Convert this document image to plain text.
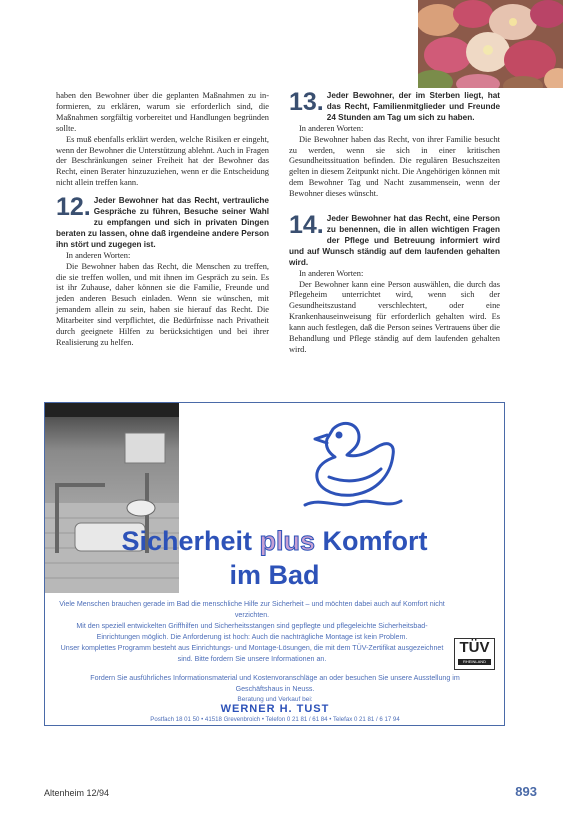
haben den Bewohner über die geplanten Maßnahmen zu in-formieren, zu erklären, warum sie erforderlich sind, die Maßnahmen sorgfältig vorbereitet und Handlungen begründen sollte.

Es muß ebenfalls erklärt werden, welche Risiken er eingeht, wenn der Bewohner die Unterstützung ablehnt. Auch in Fragen der Beschränkungen seiner Freiheit hat der Bewohner das Recht, einen Berater hinzuzuziehen, wenn er die Entscheidung nicht allein treffen kann.

12. Jeder Bewohner hat das Recht, vertrauliche Gespräche zu führen, Besuche seiner Wahl zu empfangen und sich in privaten Dingen beraten zu lassen, ohne daß irgendeine andere Person ihn stört und zugegen ist.

In anderen Worten:

Die Bewohner haben das Recht, die Menschen zu treffen, die sie treffen wollen, und mit ihnen im Gespräch zu sein. Es ist ihr Zuhause, daher können sie die Familie, Freunde und jeden anderen Besuch einladen. Wenn sie wünschen, mit jemandem allein zu sein, haben sie hierauf das Recht. Die Mitarbeiter sind verpflichtet, die Bedürfnisse nach Privatheit durch geeignete Hilfen zu berücksichtigen und bei ihrer Realisierung zu helfen.

13. Jeder Bewohner, der im Sterben liegt, hat das Recht, Familienmitglieder und Freunde 24 Stunden am Tag um sich zu haben.

In anderen Worten:

Die Bewohner haben das Recht, von ihrer Familie besucht zu werden, wenn sie sich in einer kritischen Gesundheitssituation befinden. Die regulären Besuchszeiten gelten in diesem Zeitpunkt nicht. Die Angehörigen können mit dem Bewohner Tag und Nacht zusammensein, wenn der Bewohner dieses wünscht.

14. Jeder Bewohner hat das Recht, eine Person zu benennen, die in allen wichtigen Fragen der Pflege und Betreuung informiert wird und auf Wunsch ständig auf dem laufenden gehalten wird.

In anderen Worten:

Der Bewohner kann eine Person auswählen, die durch das Pflegeheim unterrichtet wird, wenn sich der Gesundheitszustand verschlechtert, oder eine Krankenhauseinweisung für erforderlich gehalten wird. Es kann auch festlegen, daß die Person seines Vertrauens über die Behandlung und Pflege ständig auf dem laufenden gehalten wird.

Sicherheit plus Komfort
im Bad
Viele Menschen brauchen gerade im Bad die menschliche Hilfe zur Sicherheit – und möchten dabei auch auf Komfort nicht verzichten.
Mit den speziell entwickelten Griffhilfen und Sicherheitsstangen sind gepflegte und pflegeleichte Sicherheitsbad-Einrichtungen möglich. Die Anforderung ist hoch: Auch die nachträgliche Montage ist kein Problem.
Unser komplettes Programm besteht aus Einrichtungs- und Montage-Lösungen, die mit dem TÜV-Zertifikat ausgezeichnet sind. Bitte fordern Sie unsere Informationen an.
TÜV
RHEINLAND
Fordern Sie ausführliches Informationsmaterial und Kostenvoranschläge an oder besuchen Sie unsere Ausstellung im Geschäftshaus in Neuss.
Beratung und Verkauf bei:
WERNER H. TUST
Postfach 18 01 50 • 41518 Grevenbroich • Telefon 0 21 81 / 61 84 • Telefax 0 21 81 / 6 17 94
Altenheim 12/94	893
